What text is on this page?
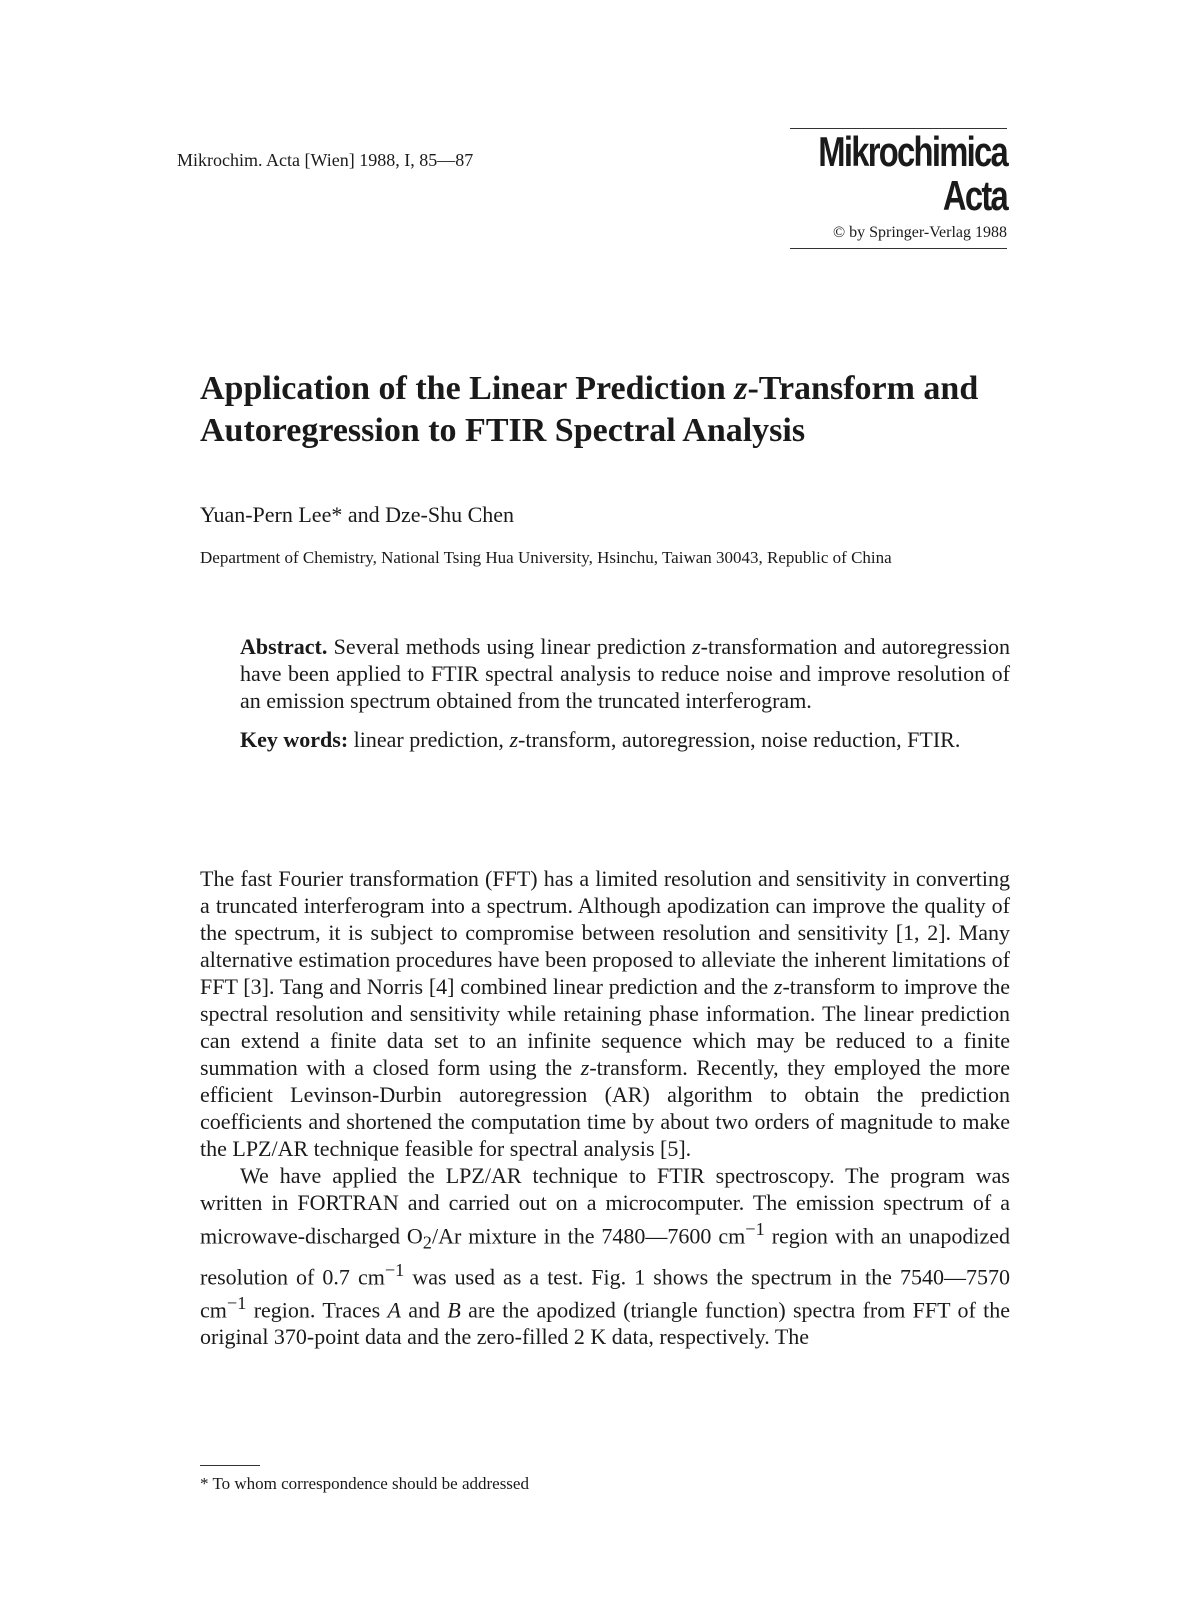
Mikrochim. Acta [Wien] 1988, I, 85—87	Mikrochimica
Acta
© by Springer-Verlag 1988
Application of the Linear Prediction z-Transform and Autoregression to FTIR Spectral Analysis
Yuan-Pern Lee* and Dze-Shu Chen
Department of Chemistry, National Tsing Hua University, Hsinchu, Taiwan 30043, Republic of China

Abstract. Several methods using linear prediction z-transformation and autoregression have been applied to FTIR spectral analysis to reduce noise and improve resolution of an emission spectrum obtained from the truncated interferogram.

Key words: linear prediction, z-transform, autoregression, noise reduction, FTIR.

The fast Fourier transformation (FFT) has a limited resolution and sensitivity in converting a truncated interferogram into a spectrum. Although apodization can improve the quality of the spectrum, it is subject to compromise between resolution and sensitivity [1, 2]. Many alternative estimation procedures have been proposed to alleviate the inherent limitations of FFT [3]. Tang and Norris [4] combined linear prediction and the z-transform to improve the spectral resolution and sensitivity while retaining phase information. The linear prediction can extend a finite data set to an infinite sequence which may be reduced to a finite summation with a closed form using the z-transform. Recently, they employed the more efficient Levinson-Durbin autoregression (AR) algorithm to obtain the prediction coefficients and shortened the computation time by about two orders of magnitude to make the LPZ/AR technique feasible for spectral analysis [5].

We have applied the LPZ/AR technique to FTIR spectroscopy. The program was written in FORTRAN and carried out on a microcomputer. The emission spectrum of a microwave-discharged $O_2/Ar$ mixture in the 7480—7600 $cm^{-1}$ region with an unapodized resolution of 0.7 $cm^{-1}$ was used as a test. Fig. 1 shows the spectrum in the 7540—7570 $cm^{-1}$ region. Traces A and B are the apodized (triangle function) spectra from FFT of the original 370-point data and the zero-filled 2 K data, respectively. The

* To whom correspondence should be addressed
